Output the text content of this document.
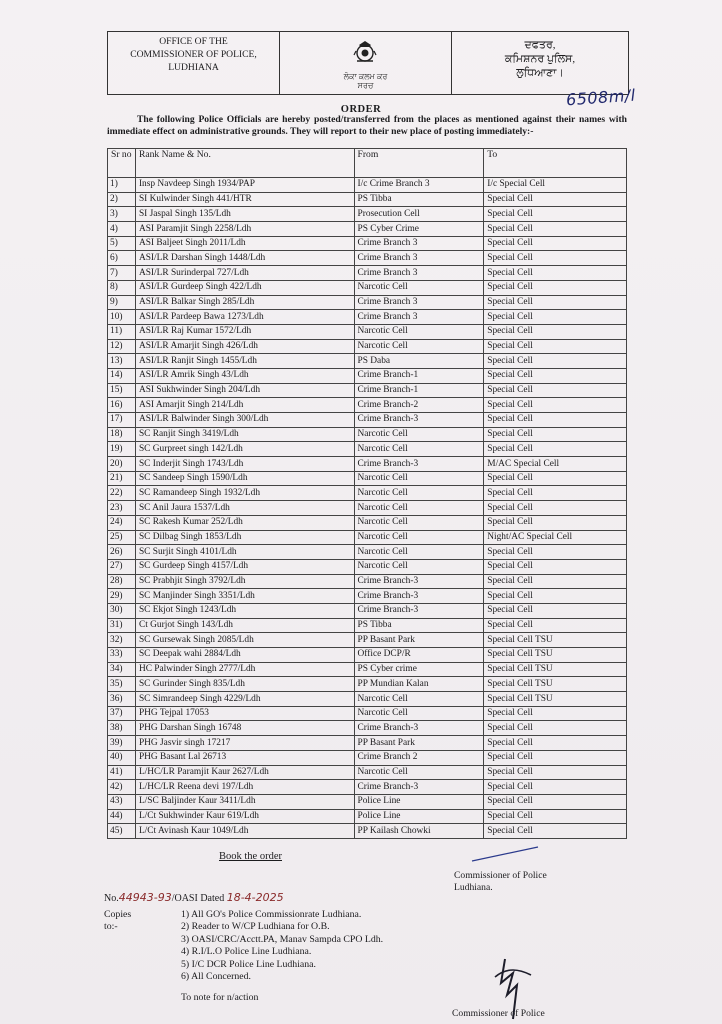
OFFICE OF THE
COMMISSIONER OF POLICE,
LUDHIANA
ਲੋਕਾ ਕਲਮ ਕਰ
ਸਰਚ
ਦਫਤਰ,
ਕਮਿਸ਼ਨਰ ਪੁਲਿਸ,
ਲੁਧਿਆਣਾ।
6508m/l
ORDER

The following Police Officials are hereby posted/transferred from the places as mentioned against their names with immediate effect on administrative grounds. They will report to their new place of posting immediately:-

Sr no	Rank Name & No.	From	To
1)	Insp Navdeep Singh 1934/PAP	I/c Crime Branch 3	I/c Special Cell
2)	SI Kulwinder Singh 441/HTR	PS Tibba	Special Cell
3)	SI Jaspal Singh 135/Ldh	Prosecution Cell	Special Cell
4)	ASI Paramjit Singh 2258/Ldh	PS Cyber Crime	Special Cell
5)	ASI Baljeet Singh 2011/Ldh	Crime Branch 3	Special Cell
6)	ASI/LR Darshan Singh 1448/Ldh	Crime Branch 3	Special Cell
7)	ASI/LR Surinderpal 727/Ldh	Crime Branch 3	Special Cell
8)	ASI/LR Gurdeep Singh 422/Ldh	Narcotic Cell	Special Cell
9)	ASI/LR Balkar Singh 285/Ldh	Crime Branch 3	Special Cell
10)	ASI/LR Pardeep Bawa 1273/Ldh	Crime Branch 3	Special Cell
11)	ASI/LR Raj Kumar 1572/Ldh	Narcotic Cell	Special Cell
12)	ASI/LR Amarjit Singh 426/Ldh	Narcotic Cell	Special Cell
13)	ASI/LR Ranjit Singh 1455/Ldh	PS Daba	Special Cell
14)	ASI/LR Amrik Singh 43/Ldh	Crime Branch-1	Special Cell
15)	ASI Sukhwinder Singh 204/Ldh	Crime Branch-1	Special Cell
16)	ASI Amarjit Singh 214/Ldh	Crime Branch-2	Special Cell
17)	ASI/LR Balwinder Singh 300/Ldh	Crime Branch-3	Special Cell
18)	SC Ranjit Singh 3419/Ldh	Narcotic Cell	Special Cell
19)	SC Gurpreet singh 142/Ldh	Narcotic Cell	Special Cell
20)	SC Inderjit Singh 1743/Ldh	Crime Branch-3	M/AC Special Cell
21)	SC Sandeep Singh 1590/Ldh	Narcotic Cell	Special Cell
22)	SC Ramandeep Singh 1932/Ldh	Narcotic Cell	Special Cell
23)	SC Anil Jaura 1537/Ldh	Narcotic Cell	Special Cell
24)	SC Rakesh Kumar 252/Ldh	Narcotic Cell	Special Cell
25)	SC Dilbag Singh 1853/Ldh	Narcotic Cell	Night/AC Special Cell
26)	SC Surjit Singh 4101/Ldh	Narcotic Cell	Special Cell
27)	SC Gurdeep Singh 4157/Ldh	Narcotic Cell	Special Cell
28)	SC Prabhjit Singh 3792/Ldh	Crime Branch-3	Special Cell
29)	SC Manjinder Singh 3351/Ldh	Crime Branch-3	Special Cell
30)	SC Ekjot Singh 1243/Ldh	Crime Branch-3	Special Cell
31)	Ct Gurjot Singh 143/Ldh	PS Tibba	Special Cell
32)	SC Gursewak Singh 2085/Ldh	PP Basant Park	Special Cell TSU
33)	SC Deepak wahi 2884/Ldh	Office DCP/R	Special Cell TSU
34)	HC Palwinder Singh 2777/Ldh	PS Cyber crime	Special Cell TSU
35)	SC Gurinder Singh 835/Ldh	PP Mundian Kalan	Special Cell TSU
36)	SC Simrandeep Singh 4229/Ldh	Narcotic Cell	Special Cell TSU
37)	PHG Tejpal 17053	Narcotic Cell	Special Cell
38)	PHG Darshan Singh 16748	Crime Branch-3	Special Cell
39)	PHG Jasvir singh 17217	PP Basant Park	Special Cell
40)	PHG Basant Lal 26713	Crime Branch 2	Special Cell
41)	L/HC/LR Paramjit Kaur 2627/Ldh	Narcotic Cell	Special Cell
42)	L/HC/LR Reena devi 197/Ldh	Crime Branch-3	Special Cell
43)	L/SC Baljinder Kaur 3411/Ldh	Police Line	Special Cell
44)	L/Ct Sukhwinder Kaur 619/Ldh	Police Line	Special Cell
45)	L/Ct Avinash Kaur 1049/Ldh	PP Kailash Chowki	Special Cell
Book the order
Commissioner of Police
Ludhiana.
No.44943-93/OASI Dated 18-4-2025
Copies to:-
1) All GO's Police Commissionrate Ludhiana.
2) Reader to W/CP Ludhiana for O.B.
3) OASI/CRC/Acctt.PA, Manav Sampda CPO Ldh.
4) R.I/L.O Police Line Ludhiana.
5) I/C DCR Police Line Ludhiana.
6) All Concerned.
To note for n/action
Commissioner of Police
